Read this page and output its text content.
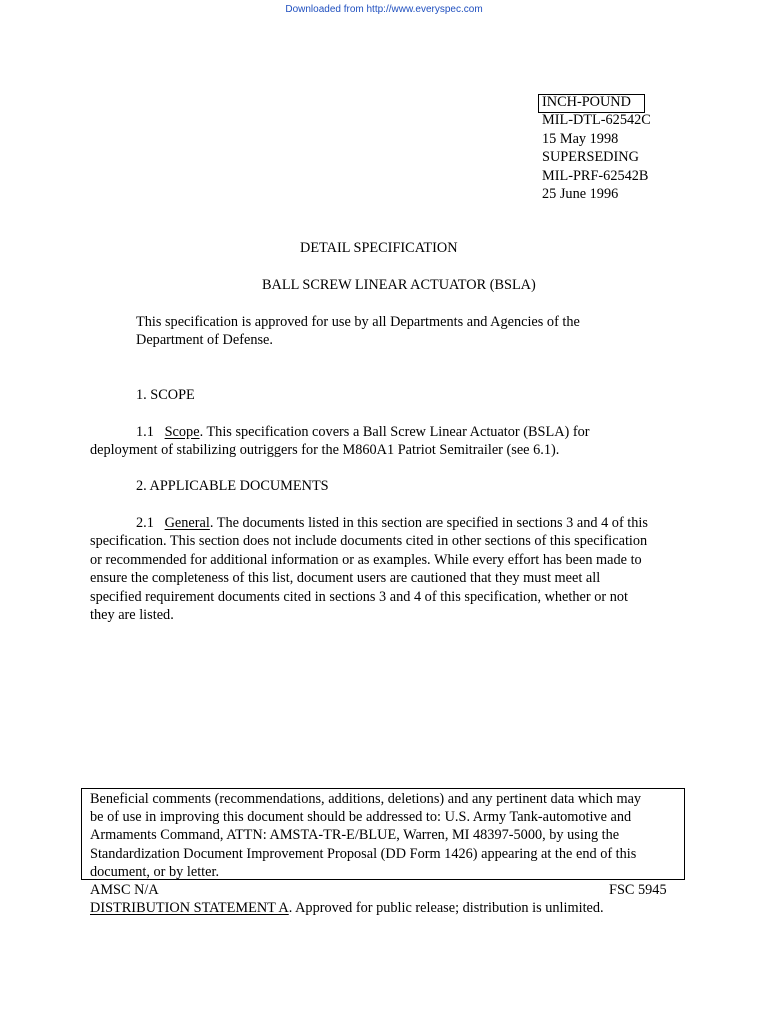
Downloaded from http://www.everyspec.com
INCH-POUND
MIL-DTL-62542C
15 May 1998
SUPERSEDING
MIL-PRF-62542B
25 June 1996
DETAIL SPECIFICATION
BALL SCREW LINEAR ACTUATOR (BSLA)
This specification is approved for use by all Departments and Agencies of the
Department of Defense.
1. SCOPE
1.1 Scope. This specification covers a Ball Screw Linear Actuator (BSLA) for
deployment of stabilizing outriggers for the M860A1 Patriot Semitrailer (see 6.1).
2. APPLICABLE DOCUMENTS
2.1 General. The documents listed in this section are specified in sections 3 and 4 of this
specification. This section does not include documents cited in other sections of this specification
or recommended for additional information or as examples. While every effort has been made to
ensure the completeness of this list, document users are cautioned that they must meet all
specified requirement documents cited in sections 3 and 4 of this specification, whether or not
they are listed.
Beneficial comments (recommendations, additions, deletions) and any pertinent data which may
be of use in improving this document should be addressed to: U.S. Army Tank-automotive and
Armaments Command, ATTN: AMSTA-TR-E/BLUE, Warren, MI 48397-5000, by using the
Standardization Document Improvement Proposal (DD Form 1426) appearing at the end of this
document, or by letter.
AMSC N/A	FSC 5945
DISTRIBUTION STATEMENT A. Approved for public release; distribution is unlimited.
